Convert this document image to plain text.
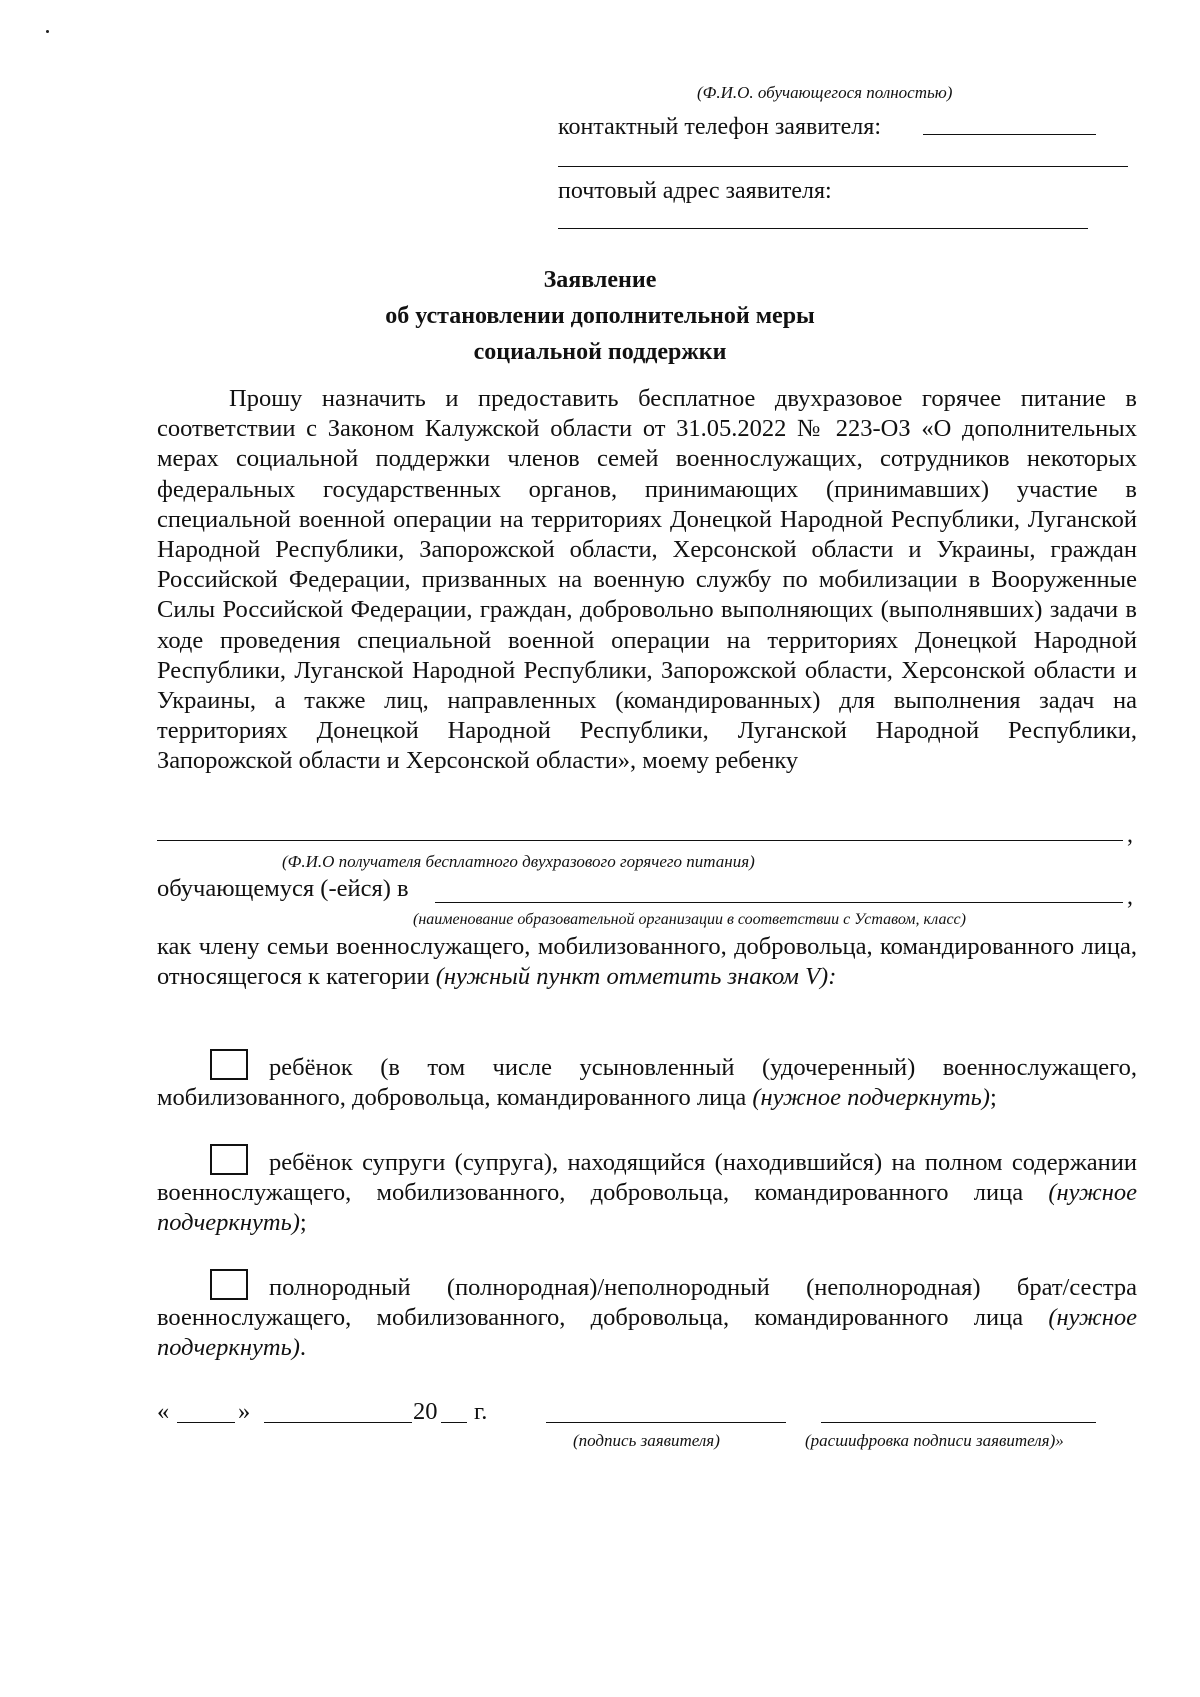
(Ф.И.О. обучающегося полностью)
контактный телефон заявителя:
почтовый адрес заявителя:
Заявление
об установлении дополнительной меры
социальной поддержки
Прошу назначить и предоставить бесплатное двухразовое горячее питание в соответствии с Законом Калужской области от 31.05.2022 № 223-ОЗ «О дополнительных мерах социальной поддержки членов семей военнослужащих, сотрудников некоторых федеральных государственных органов, принимающих (принимавших) участие в специальной военной операции на территориях Донецкой Народной Республики, Луганской Народной Республики, Запорожской области, Херсонской области и Украины, граждан Российской Федерации, призванных на военную службу по мобилизации в Вооруженные Силы Российской Федерации, граждан, добровольно выполняющих (выполнявших) задачи в ходе проведения специальной военной операции на территориях Донецкой Народной Республики, Луганской Народной Республики, Запорожской области, Херсонской области и Украины, а также лиц, направленных (командированных) для выполнения задач на территориях Донецкой Народной Республики, Луганской Народной Республики, Запорожской области и Херсонской области», моему ребенку
,
(Ф.И.О получателя бесплатного двухразового горячего питания)
обучающемуся (-ейся) в	,
(наименование образовательной организации в соответствии с Уставом, класс)
как члену семьи военнослужащего, мобилизованного, добровольца, командированного лица, относящегося к категории (нужный пункт отметить знаком V):
ребёнок (в том числе усыновленный (удочеренный) военнослужащего, мобилизованного, добровольца, командированного лица (нужное подчеркнуть);
ребёнок супруги (супруга), находящийся (находившийся) на полном содержании военнослужащего, мобилизованного, добровольца, командированного лица (нужное подчеркнуть);
полнородный (полнородная)/неполнородный (неполнородная) брат/сестра военнослужащего, мобилизованного, добровольца, командированного лица (нужное подчеркнуть).
«	»	20 г.
(подпись заявителя)	(расшифровка подписи заявителя)»
